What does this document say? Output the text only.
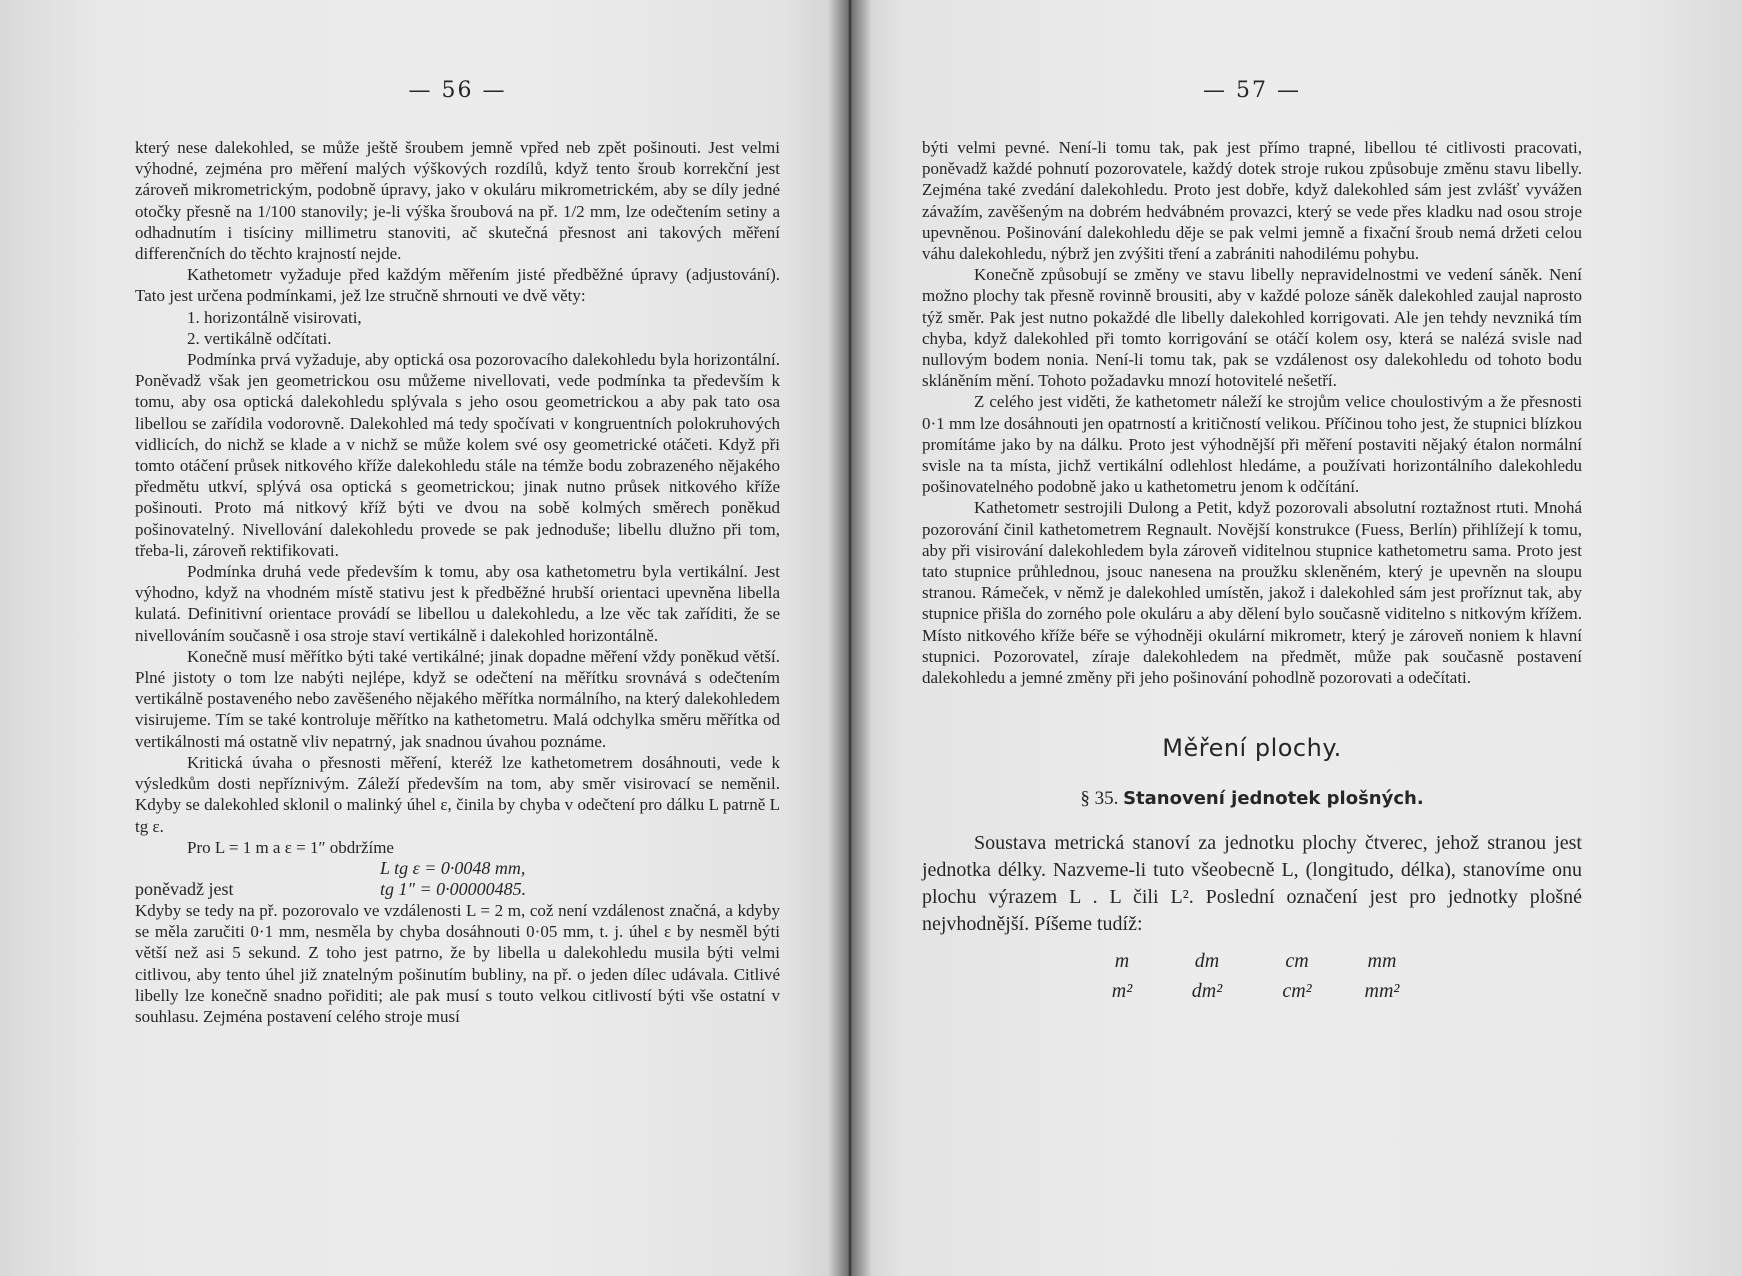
— 56 —

který nese dalekohled, se může ještě šroubem jemně vpřed neb zpět pošinouti. Jest velmi výhodné, zejména pro měření malých výškových rozdílů, když tento šroub korrekční jest zároveň mikrometrickým, podobně úpravy, jako v okuláru mikrometrickém, aby se díly jedné otočky přesně na 1/100 stanovily; je-li výška šroubová na př. 1/2 mm, lze odečtením setiny a odhadnutím i tisíciny millimetru stanoviti, ač skutečná přesnost ani takových měření differenčních do těchto krajností nejde.

Kathetometr vyžaduje před každým měřením jisté předběžné úpravy (adjustování). Tato jest určena podmínkami, jež lze stručně shrnouti ve dvě věty:

1. horizontálně visirovati,

2. vertikálně odčítati.

Podmínka prvá vyžaduje, aby optická osa pozorovacího dalekohledu byla horizontální. Poněvadž však jen geometrickou osu můžeme nivellovati, vede podmínka ta především k tomu, aby osa optická dalekohledu splývala s jeho osou geometrickou a aby pak tato osa libellou se zařídila vodorovně. Dalekohled má tedy spočívati v kongruentních polokruhových vidlicích, do nichž se klade a v nichž se může kolem své osy geometrické otáčeti. Když při tomto otáčení průsek nitkového kříže dalekohledu stále na témže bodu zobrazeného nějakého předmětu utkví, splývá osa optická s geometrickou; jinak nutno průsek nitkového kříže pošinouti. Proto má nitkový kříž býti ve dvou na sobě kolmých směrech poněkud pošinovatelný. Nivellování dalekohledu provede se pak jednoduše; libellu dlužno při tom, třeba-li, zároveň rektifikovati.

Podmínka druhá vede především k tomu, aby osa kathetometru byla vertikální. Jest výhodno, když na vhodném místě stativu jest k předběžné hrubší orientaci upevněna libella kulatá. Definitivní orientace provádí se libellou u dalekohledu, a lze věc tak zaříditi, že se nivellováním současně i osa stroje staví vertikálně i dalekohled horizontálně.

Konečně musí měřítko býti také vertikálné; jinak dopadne měření vždy poněkud větší. Plné jistoty o tom lze nabýti nejlépe, když se odečtení na měřítku srovnává s odečtením vertikálně postaveného nebo zavěšeného nějakého měřítka normálního, na který dalekohledem visirujeme. Tím se také kontroluje měřítko na kathetometru. Malá odchylka směru měřítka od vertikálnosti má ostatně vliv nepatrný, jak snadnou úvahou poznáme.

Kritická úvaha o přesnosti měření, kteréž lze kathetometrem dosáhnouti, vede k výsledkům dosti nepříznivým. Záleží především na tom, aby směr visirovací se neměnil. Kdyby se dalekohled sklonil o malinký úhel ε, činila by chyba v odečtení pro dálku L patrně L tg ε.

Pro L = 1 m a ε = 1″ obdržíme

L tg ε = 0·0048 mm,
poněvadž jest	tg 1″ = 0·00000485.

Kdyby se tedy na př. pozorovalo ve vzdálenosti L = 2 m, což není vzdálenost značná, a kdyby se měla zaručiti 0·1 mm, nesměla by chyba dosáhnouti 0·05 mm, t. j. úhel ε by nesměl býti větší než asi 5 sekund. Z toho jest patrno, že by libella u dalekohledu musila býti velmi citlivou, aby tento úhel již znatelným pošinutím bubliny, na př. o jeden dílec udávala. Citlivé libelly lze konečně snadno pořiditi; ale pak musí s touto velkou citlivostí býti vše ostatní v souhlasu. Zejména postavení celého stroje musí

— 57 —

býti velmi pevné. Není-li tomu tak, pak jest přímo trapné, libellou té citlivosti pracovati, poněvadž každé pohnutí pozorovatele, každý dotek stroje rukou způsobuje změnu stavu libelly. Zejména také zvedání dalekohledu. Proto jest dobře, když dalekohled sám jest zvlášť vyvážen závažím, zavěšeným na dobrém hedvábném provazci, který se vede přes kladku nad osou stroje upevněnou. Pošinování dalekohledu děje se pak velmi jemně a fixační šroub nemá držeti celou váhu dalekohledu, nýbrž jen zvýšiti tření a zabrániti nahodilému pohybu.

Konečně způsobují se změny ve stavu libelly nepravidelnostmi ve vedení sáněk. Není možno plochy tak přesně rovinně brousiti, aby v každé poloze sáněk dalekohled zaujal naprosto týž směr. Pak jest nutno pokaždé dle libelly dalekohled korrigovati. Ale jen tehdy nevzniká tím chyba, když dalekohled při tomto korrigování se otáčí kolem osy, která se nalézá svisle nad nullovým bodem nonia. Není-li tomu tak, pak se vzdálenost osy dalekohledu od tohoto bodu skláněním mění. Tohoto požadavku mnozí hotovitelé nešetří.

Z celého jest viděti, že kathetometr náleží ke strojům velice choulostivým a že přesnosti 0·1 mm lze dosáhnouti jen opatrností a kritičností velikou. Příčinou toho jest, že stupnici blízkou promítáme jako by na dálku. Proto jest výhodnější při měření postaviti nějaký étalon normální svisle na ta místa, jichž vertikální odlehlost hledáme, a používati horizontálního dalekohledu pošinovatelného podobně jako u kathetometru jenom k odčítání.

Kathetometr sestrojili Dulong a Petit, když pozorovali absolutní roztažnost rtuti. Mnohá pozorování činil kathetometrem Regnault. Novější konstrukce (Fuess, Berlín) přihlížejí k tomu, aby při visirování dalekohledem byla zároveň viditelnou stupnice kathetometru sama. Proto jest tato stupnice průhlednou, jsouc nanesena na proužku skleněném, který je upevněn na sloupu stranou. Rámeček, v němž je dalekohled umístěn, jakož i dalekohled sám jest proříznut tak, aby stupnice přišla do zorného pole okuláru a aby dělení bylo současně viditelno s nitkovým křížem. Místo nitkového kříže béře se výhodněji okulární mikrometr, který je zároveň noniem k hlavní stupnici. Pozorovatel, zíraje dalekohledem na předmět, může pak současně postavení dalekohledu a jemné změny při jeho pošinování pohodlně pozorovati a odečítati.

Měření plochy.
§ 35. Stanovení jednotek plošných.

Soustava metrická stanoví za jednotku plochy čtverec, jehož stranou jest jednotka délky. Nazveme-li tuto všeobecně L, (longitudo, délka), stanovíme onu plochu výrazem L . L čili L². Poslední označení jest pro jednotky plošné nejvhodnější. Píšeme tudíž:

m	dm	cm	mm
m²	dm²	cm²	mm²
